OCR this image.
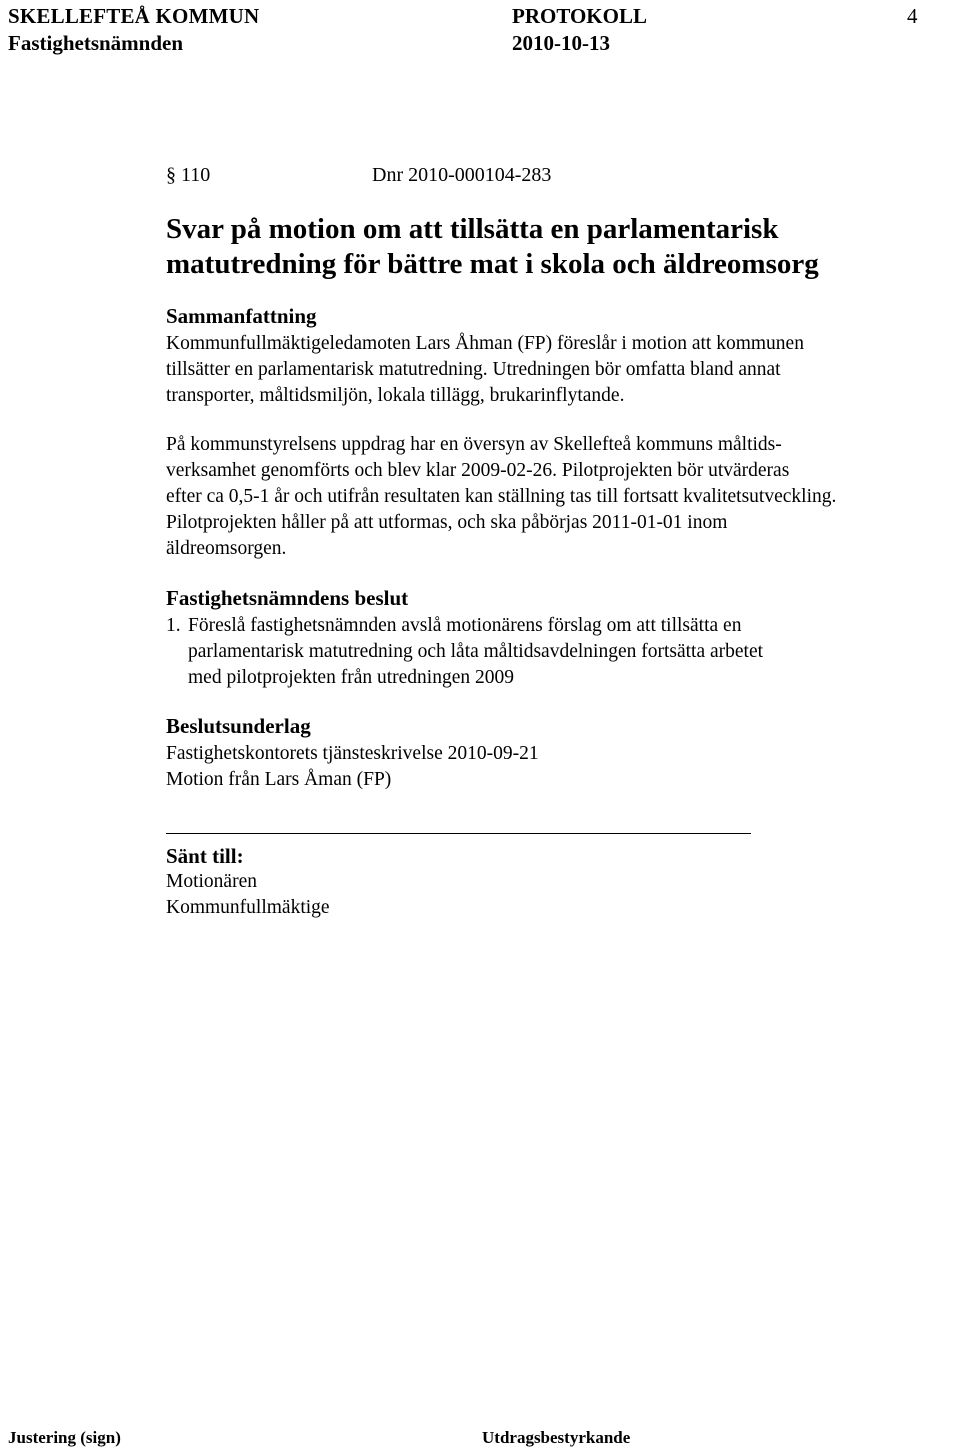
SKELLEFTEÅ KOMMUN
Fastighetsnämnden
PROTOKOLL
2010-10-13
4
§ 110	Dnr 2010-000104-283
Svar på motion om att tillsätta en parlamentarisk
matutredning för bättre mat i skola och äldreomsorg
Sammanfattning
Kommunfullmäktigeledamoten Lars Åhman (FP) föreslår i motion att kommunen
tillsätter en parlamentarisk matutredning. Utredningen bör omfatta bland annat
transporter, måltidsmiljön, lokala tillägg, brukarinflytande.
På kommunstyrelsens uppdrag har en översyn av Skellefteå kommuns måltids-
verksamhet genomförts och blev klar 2009-02-26. Pilotprojekten bör utvärderas
efter ca 0,5-1 år och utifrån resultaten kan ställning tas till fortsatt kvalitetsutveckling.
Pilotprojekten håller på att utformas, och ska påbörjas 2011-01-01 inom
äldreomsorgen.
Fastighetsnämndens beslut
1. Föreslå fastighetsnämnden avslå motionärens förslag om att tillsätta en
parlamentarisk matutredning och låta måltidsavdelningen fortsätta arbetet
med pilotprojekten från utredningen 2009
Beslutsunderlag
Fastighetskontorets tjänsteskrivelse 2010-09-21
Motion från Lars Åman (FP)
Sänt till:
Motionären
Kommunfullmäktige
Justering (sign)	Utdragsbestyrkande
